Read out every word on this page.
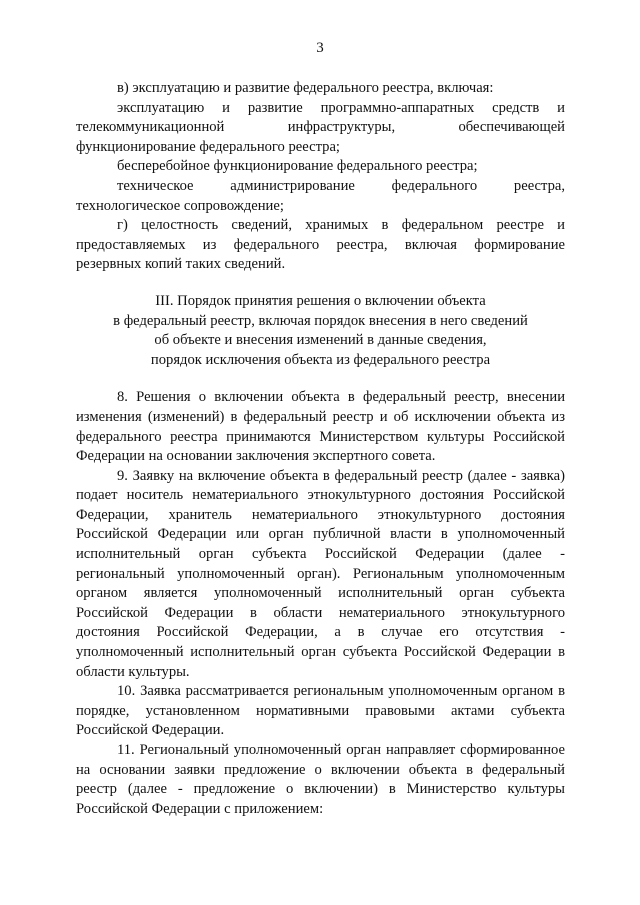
3

в) эксплуатацию и развитие федерального реестра, включая:

эксплуатацию и развитие программно-аппаратных средств и телекоммуникационной инфраструктуры, обеспечивающей функционирование федерального реестра;

бесперебойное функционирование федерального реестра;

техническое администрирование федерального реестра, технологическое сопровождение;

г) целостность сведений, хранимых в федеральном реестре и предоставляемых из федерального реестра, включая формирование резервных копий таких сведений.

III. Порядок принятия решения о включении объекта
в федеральный реестр, включая порядок внесения в него сведений
об объекте и внесения изменений в данные сведения,
порядок исключения объекта из федерального реестра

8. Решения о включении объекта в федеральный реестр, внесении изменения (изменений) в федеральный реестр и об исключении объекта из федерального реестра принимаются Министерством культуры Российской Федерации на основании заключения экспертного совета.

9. Заявку на включение объекта в федеральный реестр (далее - заявка) подает носитель нематериального этнокультурного достояния Российской Федерации, хранитель нематериального этнокультурного достояния Российской Федерации или орган публичной власти в уполномоченный исполнительный орган субъекта Российской Федерации (далее - региональный уполномоченный орган). Региональным уполномоченным органом является уполномоченный исполнительный орган субъекта Российской Федерации в области нематериального этнокультурного достояния Российской Федерации, а в случае его отсутствия - уполномоченный исполнительный орган субъекта Российской Федерации в области культуры.

10. Заявка рассматривается региональным уполномоченным органом в порядке, установленном нормативными правовыми актами субъекта Российской Федерации.

11. Региональный уполномоченный орган направляет сформированное на основании заявки предложение о включении объекта в федеральный реестр (далее - предложение о включении) в Министерство культуры Российской Федерации с приложением:
